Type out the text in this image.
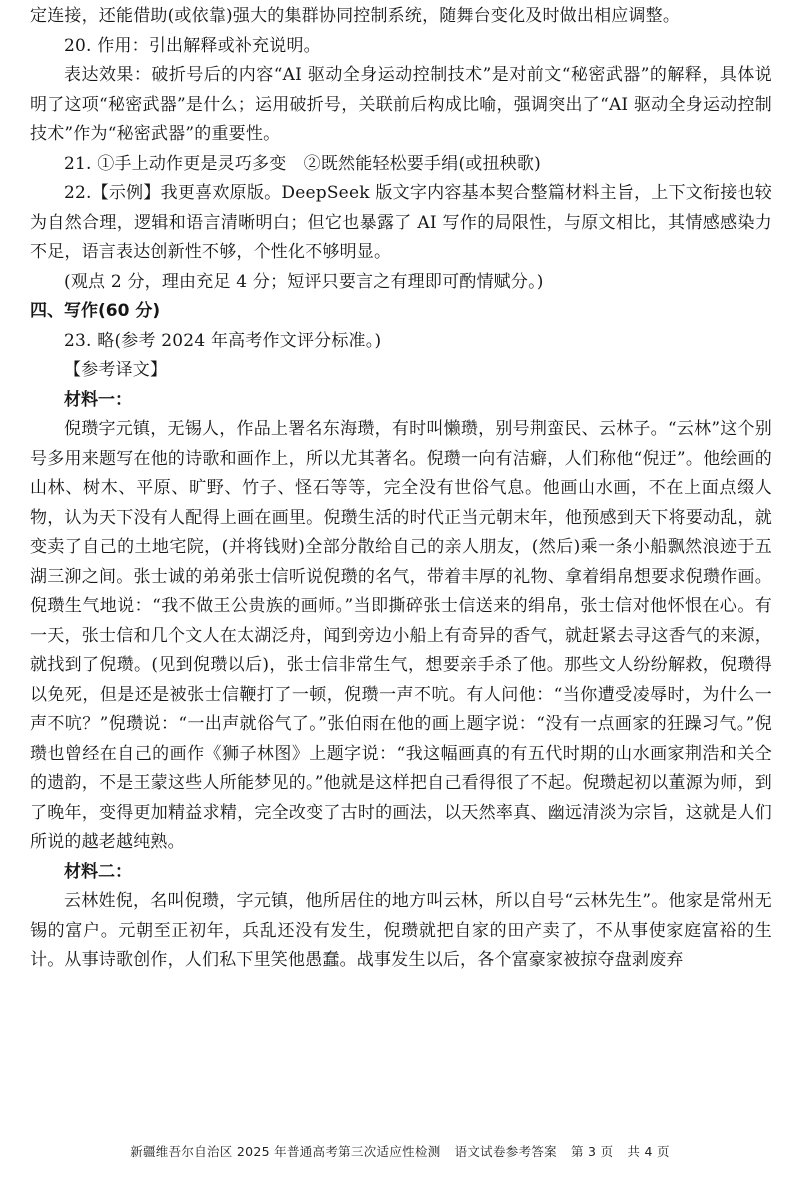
定连接，还能借助(或依靠)强大的集群协同控制系统，随舞台变化及时做出相应调整。

20. 作用：引出解释或补充说明。

表达效果：破折号后的内容“AI 驱动全身运动控制技术”是对前文“秘密武器”的解释，具体说明了这项“秘密武器”是什么；运用破折号，关联前后构成比喻，强调突出了“AI 驱动全身运动控制技术”作为“秘密武器”的重要性。

21. ①手上动作更是灵巧多变　②既然能轻松要手绢(或扭秧歌)

22.【示例】我更喜欢原版。DeepSeek 版文字内容基本契合整篇材料主旨，上下文衔接也较为自然合理，逻辑和语言清晰明白；但它也暴露了 AI 写作的局限性，与原文相比，其情感感染力不足，语言表达创新性不够，个性化不够明显。

(观点 2 分，理由充足 4 分；短评只要言之有理即可酌情赋分。)

四、写作(60 分)

23. 略(参考 2024 年高考作文评分标准。)

【参考译文】

材料一：

倪瓒字元镇，无锡人，作品上署名东海瓒，有时叫懒瓒，别号荆蛮民、云林子。“云林”这个别号多用来题写在他的诗歌和画作上，所以尤其著名。倪瓒一向有洁癖，人们称他“倪迂”。他绘画的山林、树木、平原、旷野、竹子、怪石等等，完全没有世俗气息。他画山水画，不在上面点缀人物，认为天下没有人配得上画在画里。倪瓒生活的时代正当元朝末年，他预感到天下将要动乱，就变卖了自己的土地宅院，(并将钱财)全部分散给自己的亲人朋友，(然后)乘一条小船飘然浪迹于五湖三泖之间。张士诚的弟弟张士信听说倪瓒的名气，带着丰厚的礼物、拿着绢帛想要求倪瓒作画。倪瓒生气地说：“我不做王公贵族的画师。”当即撕碎张士信送来的绢帛，张士信对他怀恨在心。有一天，张士信和几个文人在太湖泛舟，闻到旁边小船上有奇异的香气，就赶紧去寻这香气的来源，就找到了倪瓒。(见到倪瓒以后)，张士信非常生气，想要亲手杀了他。那些文人纷纷解救，倪瓒得以免死，但是还是被张士信鞭打了一顿，倪瓒一声不吭。有人问他：“当你遭受凌辱时，为什么一声不吭？”倪瓒说：“一出声就俗气了。”张伯雨在他的画上题字说：“没有一点画家的狂躁习气。”倪瓒也曾经在自己的画作《狮子林图》上题字说：“我这幅画真的有五代时期的山水画家荆浩和关仝的遗韵，不是王蒙这些人所能梦见的。”他就是这样把自己看得很了不起。倪瓒起初以董源为师，到了晚年，变得更加精益求精，完全改变了古时的画法，以天然率真、幽远清淡为宗旨，这就是人们所说的越老越纯熟。

材料二：

云林姓倪，名叫倪瓒，字元镇，他所居住的地方叫云林，所以自号“云林先生”。他家是常州无锡的富户。元朝至正初年，兵乱还没有发生，倪瓒就把自家的田产卖了，不从事使家庭富裕的生计。从事诗歌创作，人们私下里笑他愚蠢。战事发生以后，各个富豪家被掠夺盘剥废弃

新疆维吾尔自治区 2025 年普通高考第三次适应性检测 语文试卷参考答案 第 3 页 共 4 页
